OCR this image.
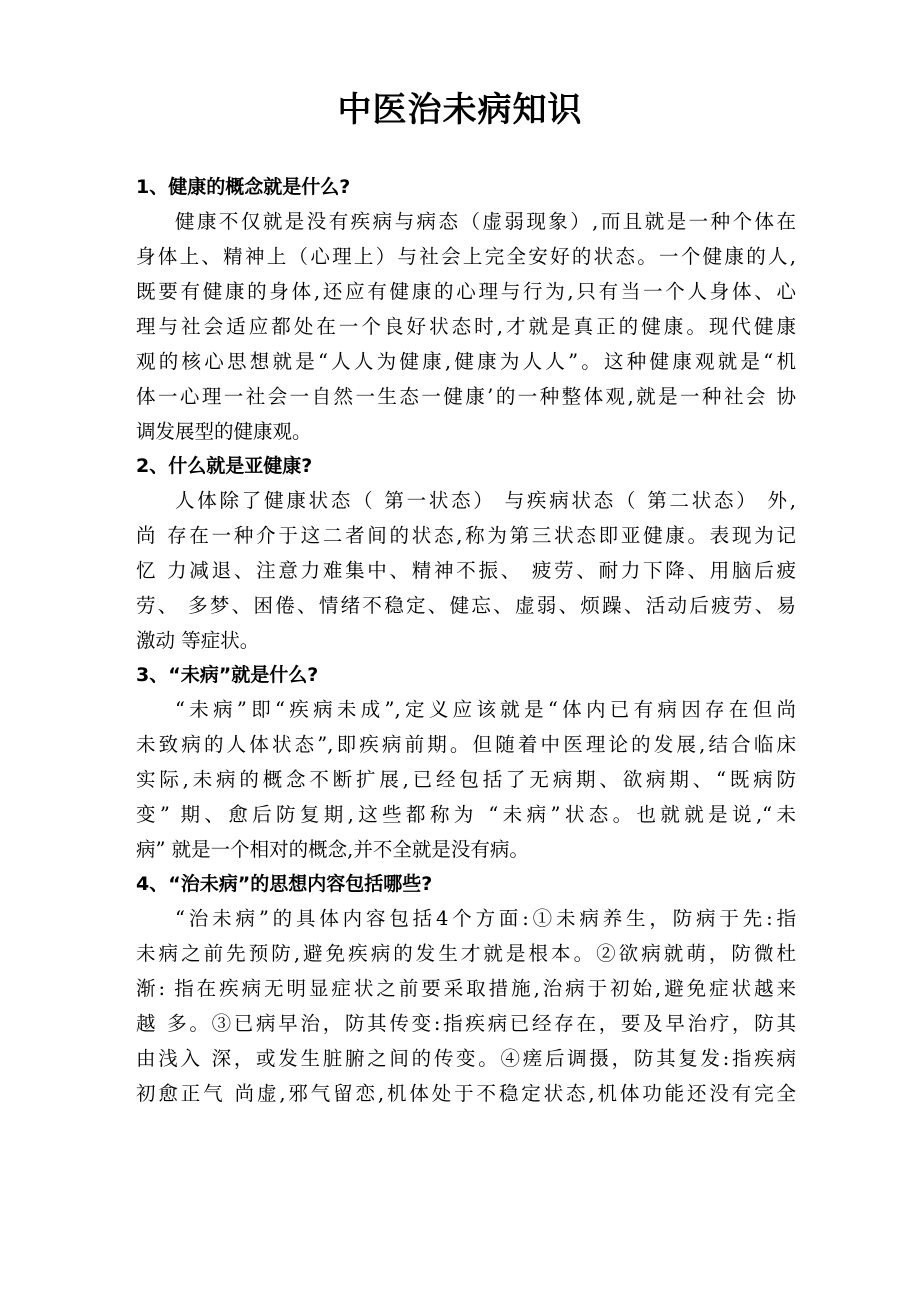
中医治未病知识
1、健康的概念就是什么?
健康不仅就是没有疾病与病态（虚弱现象）,而且就是一种个体在
身体上、精神上（心理上）与社会上完全安好的状态。一个健康的人,
既要有健康的身体,还应有健康的心理与行为,只有当一个人身体、心
理与社会适应都处在一个良好状态时,才就是真正的健康。现代健康
观的核心思想就是“人人为健康,健康为人人”。这种健康观就是“机
体一心理一社会一自然一生态一健康’的一种整体观,就是一种社会 协
调发展型的健康观。
2、什么就是亚健康?
人体除了健康状态（ 第一状态） 与疾病状态（ 第二状态） 外,
尚 存在一种介于这二者间的状态,称为第三状态即亚健康。表现为记
忆 力减退、注意力难集中、精神不振、 疲劳、耐力下降、用脑后疲
劳、 多梦、困倦、情绪不稳定、健忘、虚弱、烦躁、活动后疲劳、易
激动 等症状。
3、“未病”就是什么?
“未病”即“疾病未成”,定义应该就是“体内已有病因存在但尚
未致病的人体状态”,即疾病前期。但随着中医理论的发展,结合临床
实际,未病的概念不断扩展,已经包括了无病期、欲病期、“既病防
变” 期、愈后防复期,这些都称为 “未病”状态。也就就是说,“未
病” 就是一个相对的概念,并不全就是没有病。
4、“治未病”的思想内容包括哪些?
“治未病”的具体内容包括4个方面:①未病养生，防病于先:指
未病之前先预防,避免疾病的发生才就是根本。②欲病就萌，防微杜
渐: 指在疾病无明显症状之前要采取措施,治病于初始,避免症状越来
越 多。③已病早治，防其传变:指疾病已经存在，要及早治疗，防其
由浅入 深，或发生脏腑之间的传变。④瘥后调摄，防其复发:指疾病
初愈正气 尚虚,邪气留恋,机体处于不稳定状态,机体功能还没有完全
